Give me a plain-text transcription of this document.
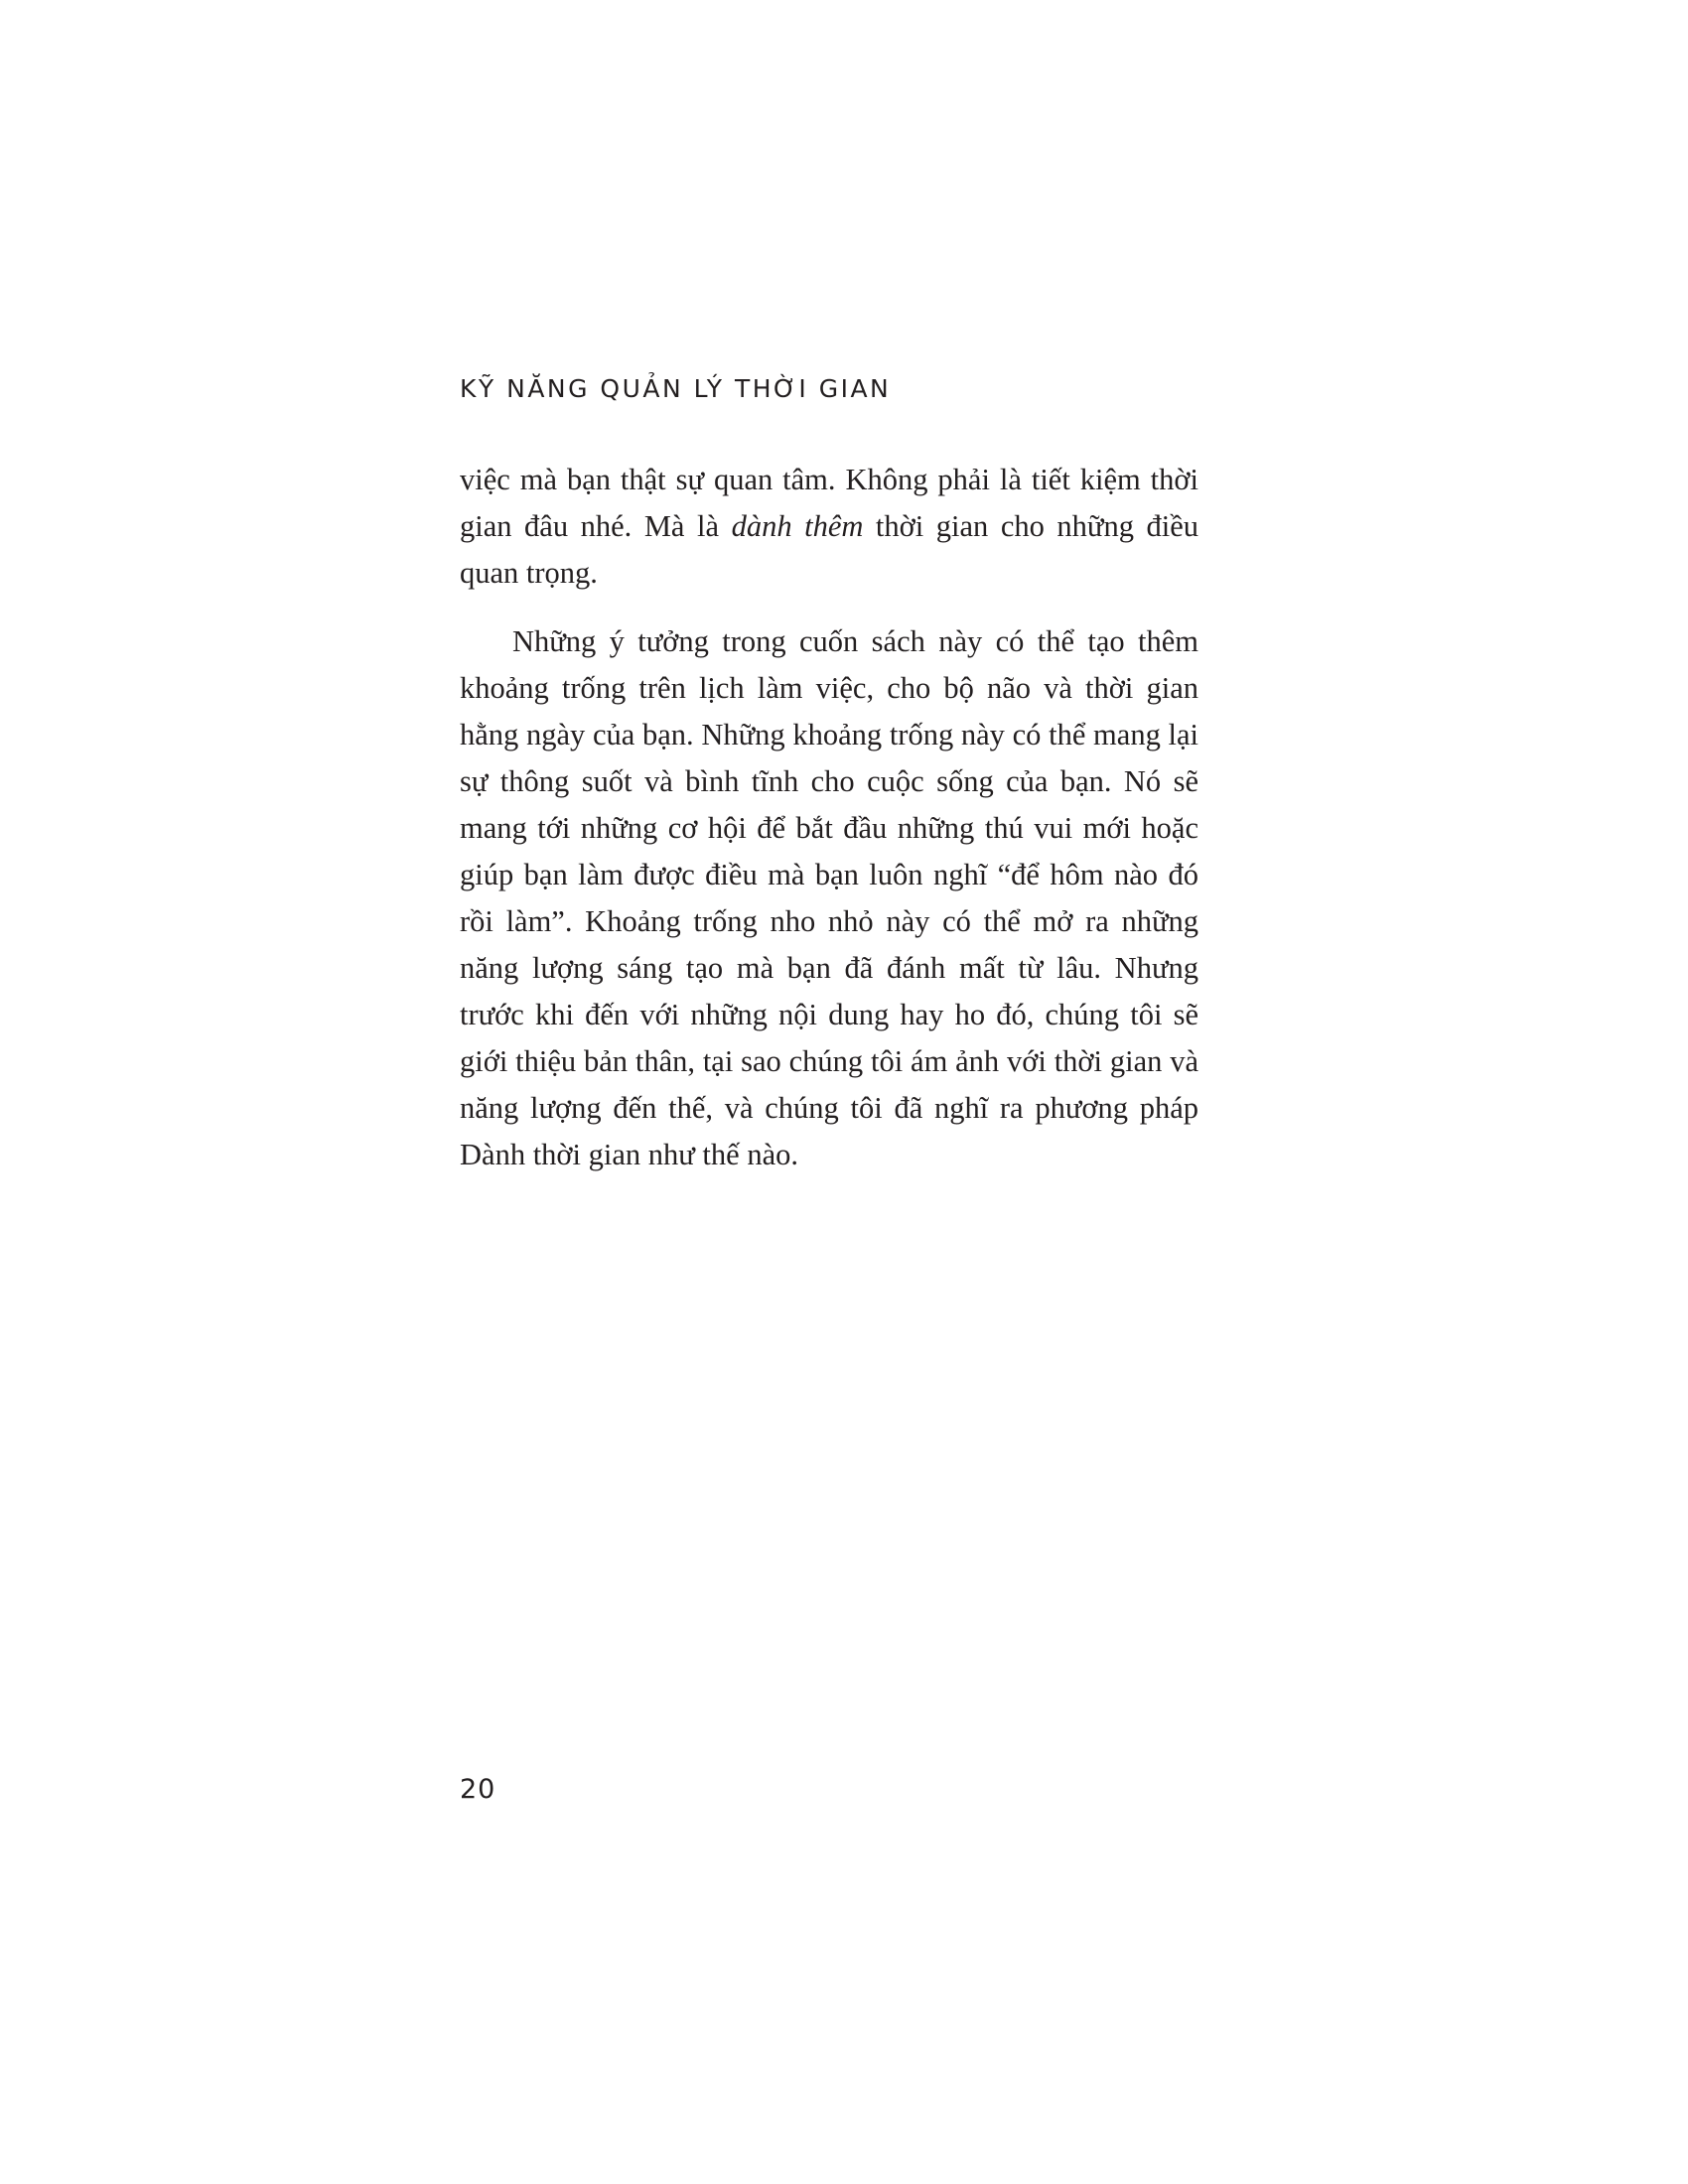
KỸ NĂNG QUẢN LÝ THỜI GIAN

việc mà bạn thật sự quan tâm. Không phải là tiết kiệm thời gian đâu nhé. Mà là dành thêm thời gian cho những điều quan trọng.

Những ý tưởng trong cuốn sách này có thể tạo thêm khoảng trống trên lịch làm việc, cho bộ não và thời gian hằng ngày của bạn. Những khoảng trống này có thể mang lại sự thông suốt và bình tĩnh cho cuộc sống của bạn. Nó sẽ mang tới những cơ hội để bắt đầu những thú vui mới hoặc giúp bạn làm được điều mà bạn luôn nghĩ “để hôm nào đó rồi làm”. Khoảng trống nho nhỏ này có thể mở ra những năng lượng sáng tạo mà bạn đã đánh mất từ lâu. Nhưng trước khi đến với những nội dung hay ho đó, chúng tôi sẽ giới thiệu bản thân, tại sao chúng tôi ám ảnh với thời gian và năng lượng đến thế, và chúng tôi đã nghĩ ra phương pháp Dành thời gian như thế nào.

20
